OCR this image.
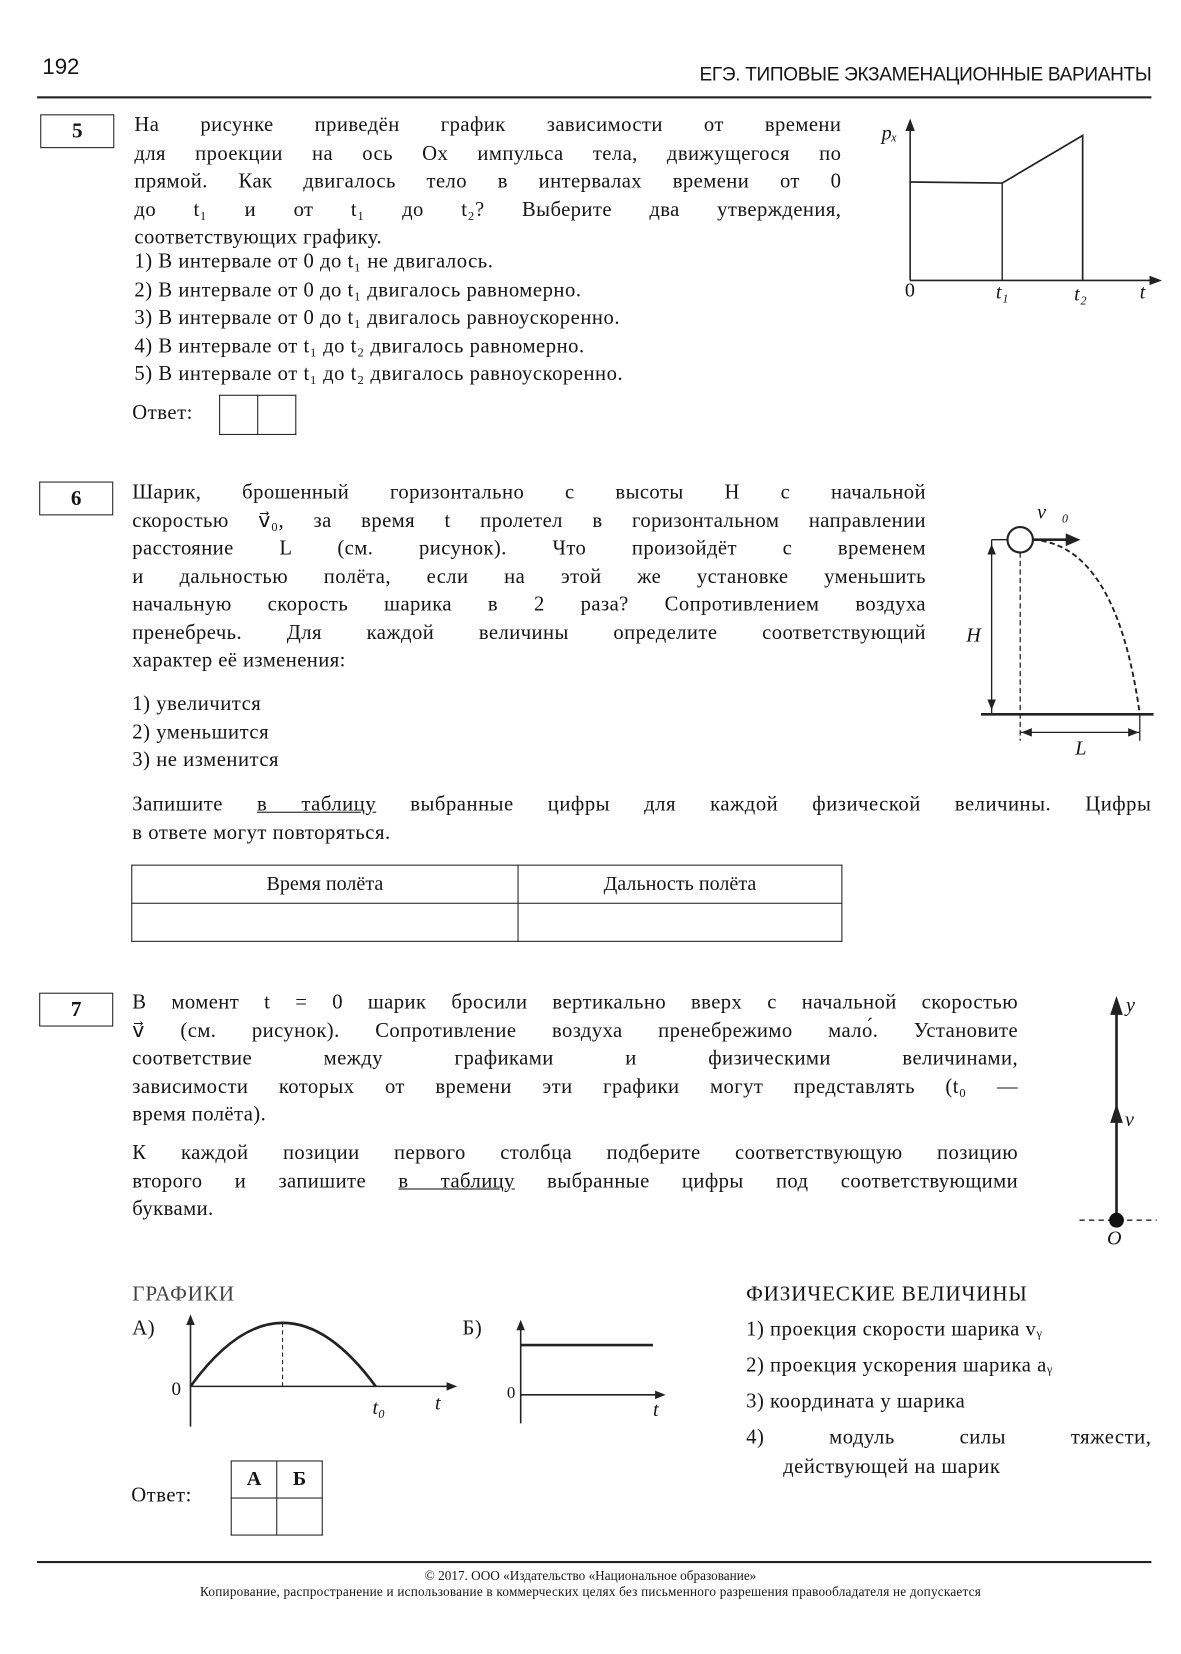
192	ЕГЭ. ТИПОВЫЕ ЭКЗАМЕНАЦИОННЫЕ ВАРИАНТЫ
5	На рисунке приведён график зависимости от времени
для проекции на ось Ox импульса тела, движущегося по
прямой. Как двигалось тело в интервалах времени от 0
до t₁ и от t₁ до t₂? Выберите два утверждения,
соответствующих графику.
1) В интервале от 0 до t₁ не двигалось.
2) В интервале от 0 до t₁ двигалось равномерно.
3) В интервале от 0 до t₁ двигалось равноускоренно.
4) В интервале от t₁ до t₂ двигалось равномерно.
5) В интервале от t₁ до t₂ двигалось равноускоренно.
Ответ:

pₓ
0	t₁	t₂	t
6	Шарик, брошенный горизонтально с высоты H с начальной
скоростью v⃗₀, за время t пролетел в горизонтальном направлении
расстояние L (см. рисунок). Что произойдёт с временем
и дальностью полёта, если на этой же установке уменьшить
начальную скорость шарика в 2 раза? Сопротивлением воздуха
пренебречь. Для каждой величины определите соответствующий
характер её изменения:
1) увеличится
2) уменьшится
3) не изменится
Запишите в таблицу выбранные цифры для каждой физической величины. Цифры
в ответе могут повторяться.
Время полёта	Дальность полёта

v⃗₀
H
L
7	В момент t = 0 шарик бросили вертикально вверх с начальной скоростью
v⃗ (см. рисунок). Сопротивление воздуха пренебрежимо мало́. Установите
соответствие между графиками и физическими величинами,
зависимости которых от времени эти графики могут представлять (t₀ —
время полёта).
К каждой позиции первого столбца подберите соответствующую позицию
второго и запишите в таблицу выбранные цифры под соответствующими
буквами.
y
v⃗
O
ГРАФИКИ
А)
0
t₀	t
Б)
0
t
ФИЗИЧЕСКИЕ ВЕЛИЧИНЫ
1) проекция скорости шарика vᵧ
2) проекция ускорения шарика aᵧ
3) координата y шарика
4) модуль силы тяжести,
действующей на шарик
Ответ:
А	Б

© 2017. ООО «Издательство «Национальное образование»
Копирование, распространение и использование в коммерческих целях без письменного разрешения правообладателя не допускается
